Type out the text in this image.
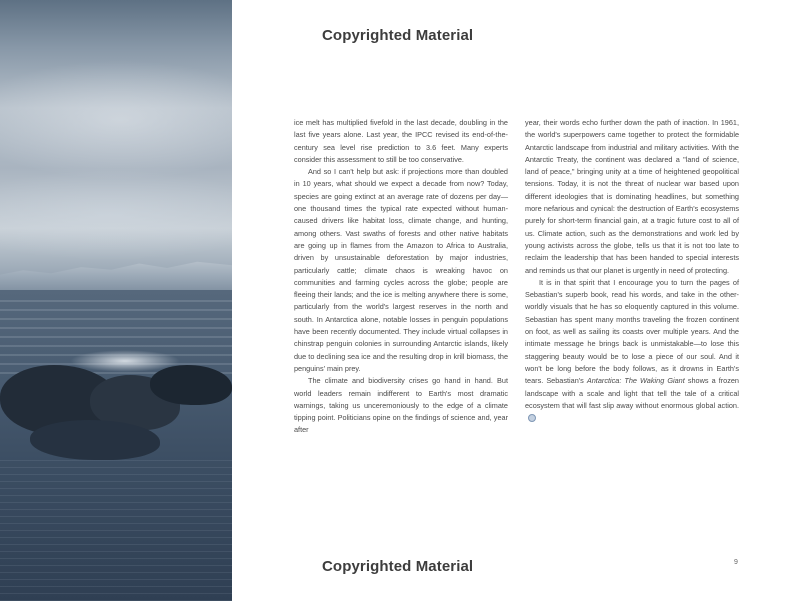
Copyrighted Material

ice melt has multiplied fivefold in the last decade, doubling in the last five years alone. Last year, the IPCC revised its end-of-the-century sea level rise prediction to 3.6 feet. Many experts consider this assessment to still be too conservative.

And so I can't help but ask: if projections more than doubled in 10 years, what should we expect a decade from now? Today, species are going extinct at an average rate of dozens per day—one thousand times the typical rate expected without human-caused drivers like habitat loss, climate change, and hunting, among others. Vast swaths of forests and other native habitats are going up in flames from the Amazon to Africa to Australia, driven by unsustainable deforestation by major industries, particularly cattle; climate chaos is wreaking havoc on communities and farming cycles across the globe; people are fleeing their lands; and the ice is melting anywhere there is some, particularly from the world's largest reserves in the north and south. In Antarctica alone, notable losses in penguin populations have been recently documented. They include virtual collapses in chinstrap penguin colonies in surrounding Antarctic islands, likely due to declining sea ice and the resulting drop in krill biomass, the penguins' main prey.

The climate and biodiversity crises go hand in hand. But world leaders remain indifferent to Earth's most dramatic warnings, taking us unceremoniously to the edge of a climate tipping point. Politicians opine on the findings of science and, year after

year, their words echo further down the path of inaction. In 1961, the world's superpowers came together to protect the formidable Antarctic landscape from industrial and military activities. With the Antarctic Treaty, the continent was declared a "land of science, land of peace," bringing unity at a time of heightened geopolitical tensions. Today, it is not the threat of nuclear war based upon different ideologies that is dominating headlines, but something more nefarious and cynical: the destruction of Earth's ecosystems purely for short-term financial gain, at a tragic future cost to all of us. Climate action, such as the demonstrations and work led by young activists across the globe, tells us that it is not too late to reclaim the leadership that has been handed to special interests and reminds us that our planet is urgently in need of protecting.

It is in that spirit that I encourage you to turn the pages of Sebastian's superb book, read his words, and take in the other-worldly visuals that he has so eloquently captured in this volume. Sebastian has spent many months traveling the frozen continent on foot, as well as sailing its coasts over multiple years. And the intimate message he brings back is unmistakable—to lose this staggering beauty would be to lose a piece of our soul. And it won't be long before the body follows, as it drowns in Earth's tears. Sebastian's Antarctica: The Waking Giant shows a frozen landscape with a scale and light that tell the tale of a critical ecosystem that will fast slip away without enormous global action.

Copyrighted Material	9
